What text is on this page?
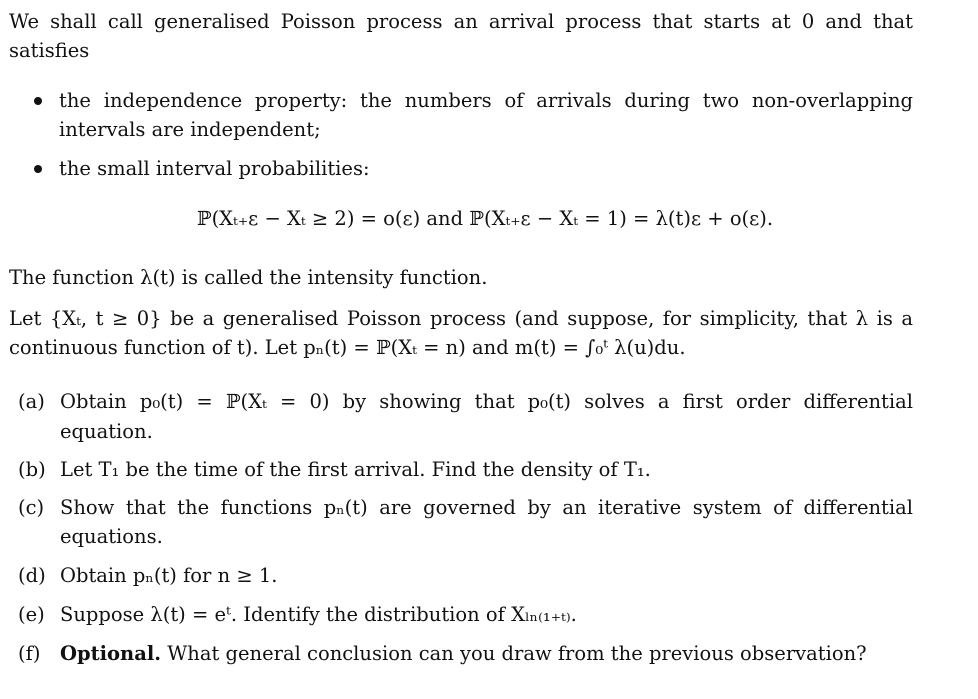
We shall call generalised Poisson process an arrival process that starts at 0 and that
satisfies
the independence property: the numbers of arrivals during two non-overlapping
intervals are independent;
the small interval probabilities:
ℙ(Xₜ₊ε − Xₜ ≥ 2) = o(ε) and ℙ(Xₜ₊ε − Xₜ = 1) = λ(t)ε + o(ε).
The function λ(t) is called the intensity function.
Let {Xₜ, t ≥ 0} be a generalised Poisson process (and suppose, for simplicity, that λ is a
continuous function of t). Let pₙ(t) = ℙ(Xₜ = n) and m(t) = ∫₀ᵗ λ(u)du.
(a) Obtain p₀(t) = ℙ(Xₜ = 0) by showing that p₀(t) solves a first order differential
equation.
(b) Let T₁ be the time of the first arrival. Find the density of T₁.
(c) Show that the functions pₙ(t) are governed by an iterative system of differential
equations.
(d) Obtain pₙ(t) for n ≥ 1.
(e) Suppose λ(t) = eᵗ. Identify the distribution of Xₗₙ₍₁₊ₜ₎.
(f) Optional. What general conclusion can you draw from the previous observation?
